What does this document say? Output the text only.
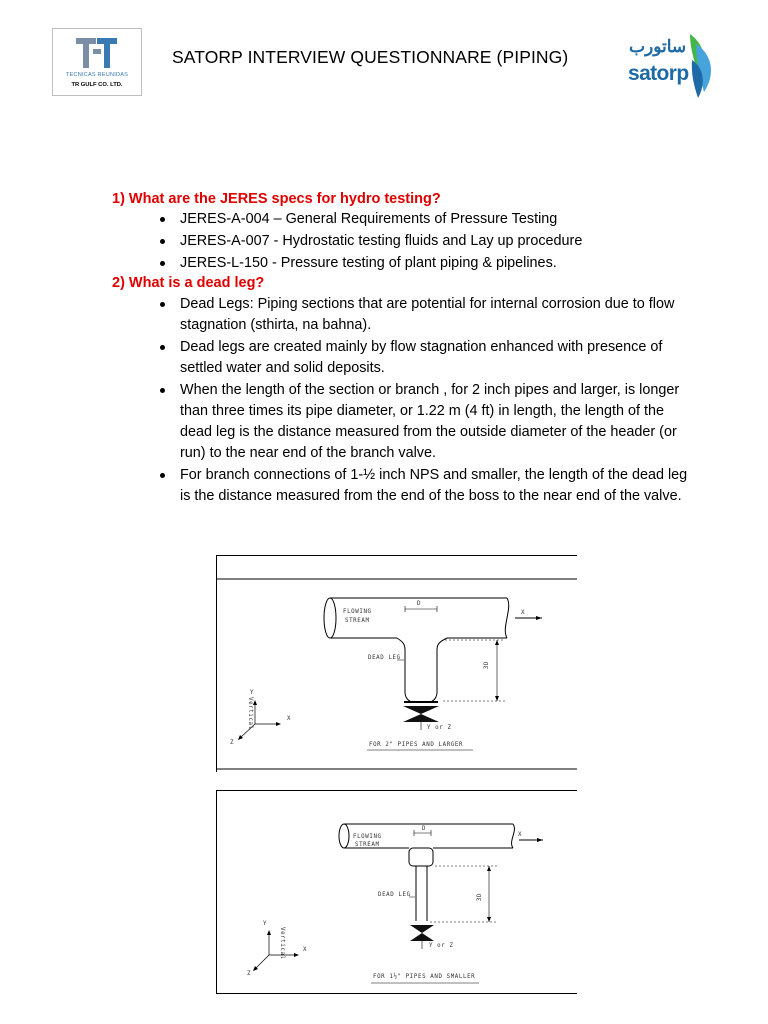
TECNICAS REUNIDAS
TR GULF CO. LTD.
SATORP INTERVIEW QUESTIONNARE (PIPING)
ساتورب
satorp
1) What are the JERES specs for hydro testing?
JERES-A-004 – General Requirements of Pressure Testing
JERES-A-007 - Hydrostatic testing fluids and Lay up procedure
JERES-L-150 - Pressure testing of plant piping & pipelines.
2) What is a dead leg?
Dead Legs: Piping sections that are potential for internal corrosion due to flow stagnation (sthirta, na bahna).
Dead legs are created mainly by flow stagnation enhanced with presence of settled water and solid deposits.
When the length of the section or branch , for 2 inch pipes and larger, is longer than three times its pipe diameter, or 1.22 m (4 ft) in length, the length of the dead leg is the distance measured from the outside diameter of the header (or run) to the near end of the branch valve.
For branch connections of 1-½ inch NPS and smaller, the length of the dead leg is the distance measured from the end of the boss to the near end of the valve.
FLOWING
STREAM
D
X
DEAD LEG
3D
Y or Z
Y
Vertical	X
Z	FOR 2" PIPES AND LARGER
FLOWING
STREAM
D
X
DEAD LEG	3D
Y or Z
Y
Vertical	X
Z	FOR 1½" PIPES AND SMALLER
